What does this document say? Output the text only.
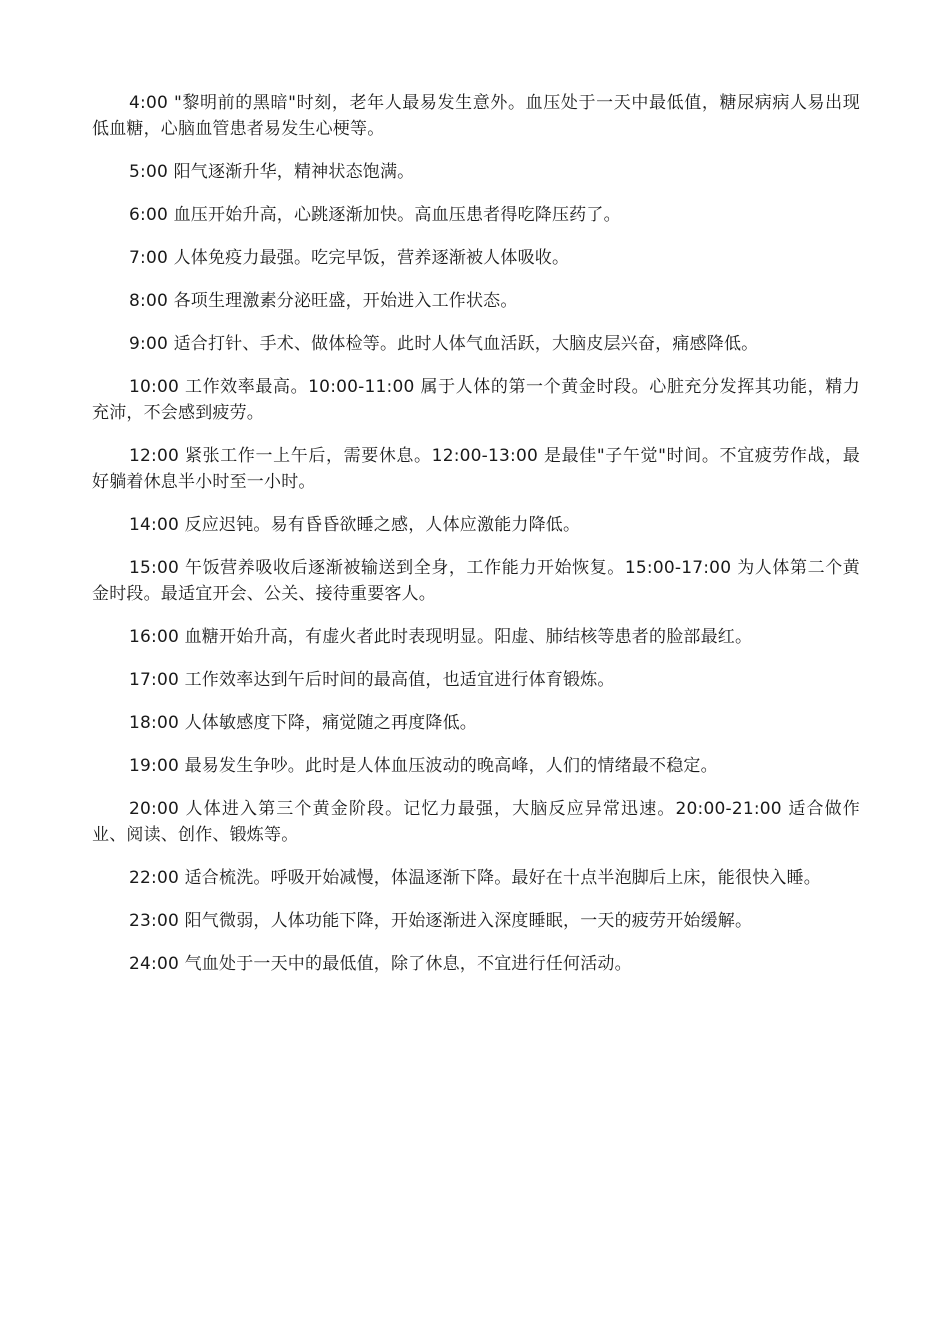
4:00 "黎明前的黑暗"时刻，老年人最易发生意外。血压处于一天中最低值，糖尿病病人易出现低血糖，心脑血管患者易发生心梗等。

5:00 阳气逐渐升华，精神状态饱满。

6:00 血压开始升高，心跳逐渐加快。高血压患者得吃降压药了。

7:00 人体免疫力最强。吃完早饭，营养逐渐被人体吸收。

8:00 各项生理激素分泌旺盛，开始进入工作状态。

9:00 适合打针、手术、做体检等。此时人体气血活跃，大脑皮层兴奋，痛感降低。

10:00 工作效率最高。10:00-11:00 属于人体的第一个黄金时段。心脏充分发挥其功能，精力充沛，不会感到疲劳。

12:00 紧张工作一上午后，需要休息。12:00-13:00 是最佳"子午觉"时间。不宜疲劳作战，最好躺着休息半小时至一小时。

14:00 反应迟钝。易有昏昏欲睡之感，人体应激能力降低。

15:00 午饭营养吸收后逐渐被输送到全身，工作能力开始恢复。15:00-17:00 为人体第二个黄金时段。最适宜开会、公关、接待重要客人。

16:00 血糖开始升高，有虚火者此时表现明显。阳虚、肺结核等患者的脸部最红。

17:00 工作效率达到午后时间的最高值，也适宜进行体育锻炼。

18:00 人体敏感度下降，痛觉随之再度降低。

19:00 最易发生争吵。此时是人体血压波动的晚高峰，人们的情绪最不稳定。

20:00 人体进入第三个黄金阶段。记忆力最强，大脑反应异常迅速。20:00-21:00 适合做作业、阅读、创作、锻炼等。

22:00 适合梳洗。呼吸开始减慢，体温逐渐下降。最好在十点半泡脚后上床，能很快入睡。

23:00 阳气微弱，人体功能下降，开始逐渐进入深度睡眠，一天的疲劳开始缓解。

24:00 气血处于一天中的最低值，除了休息，不宜进行任何活动。
